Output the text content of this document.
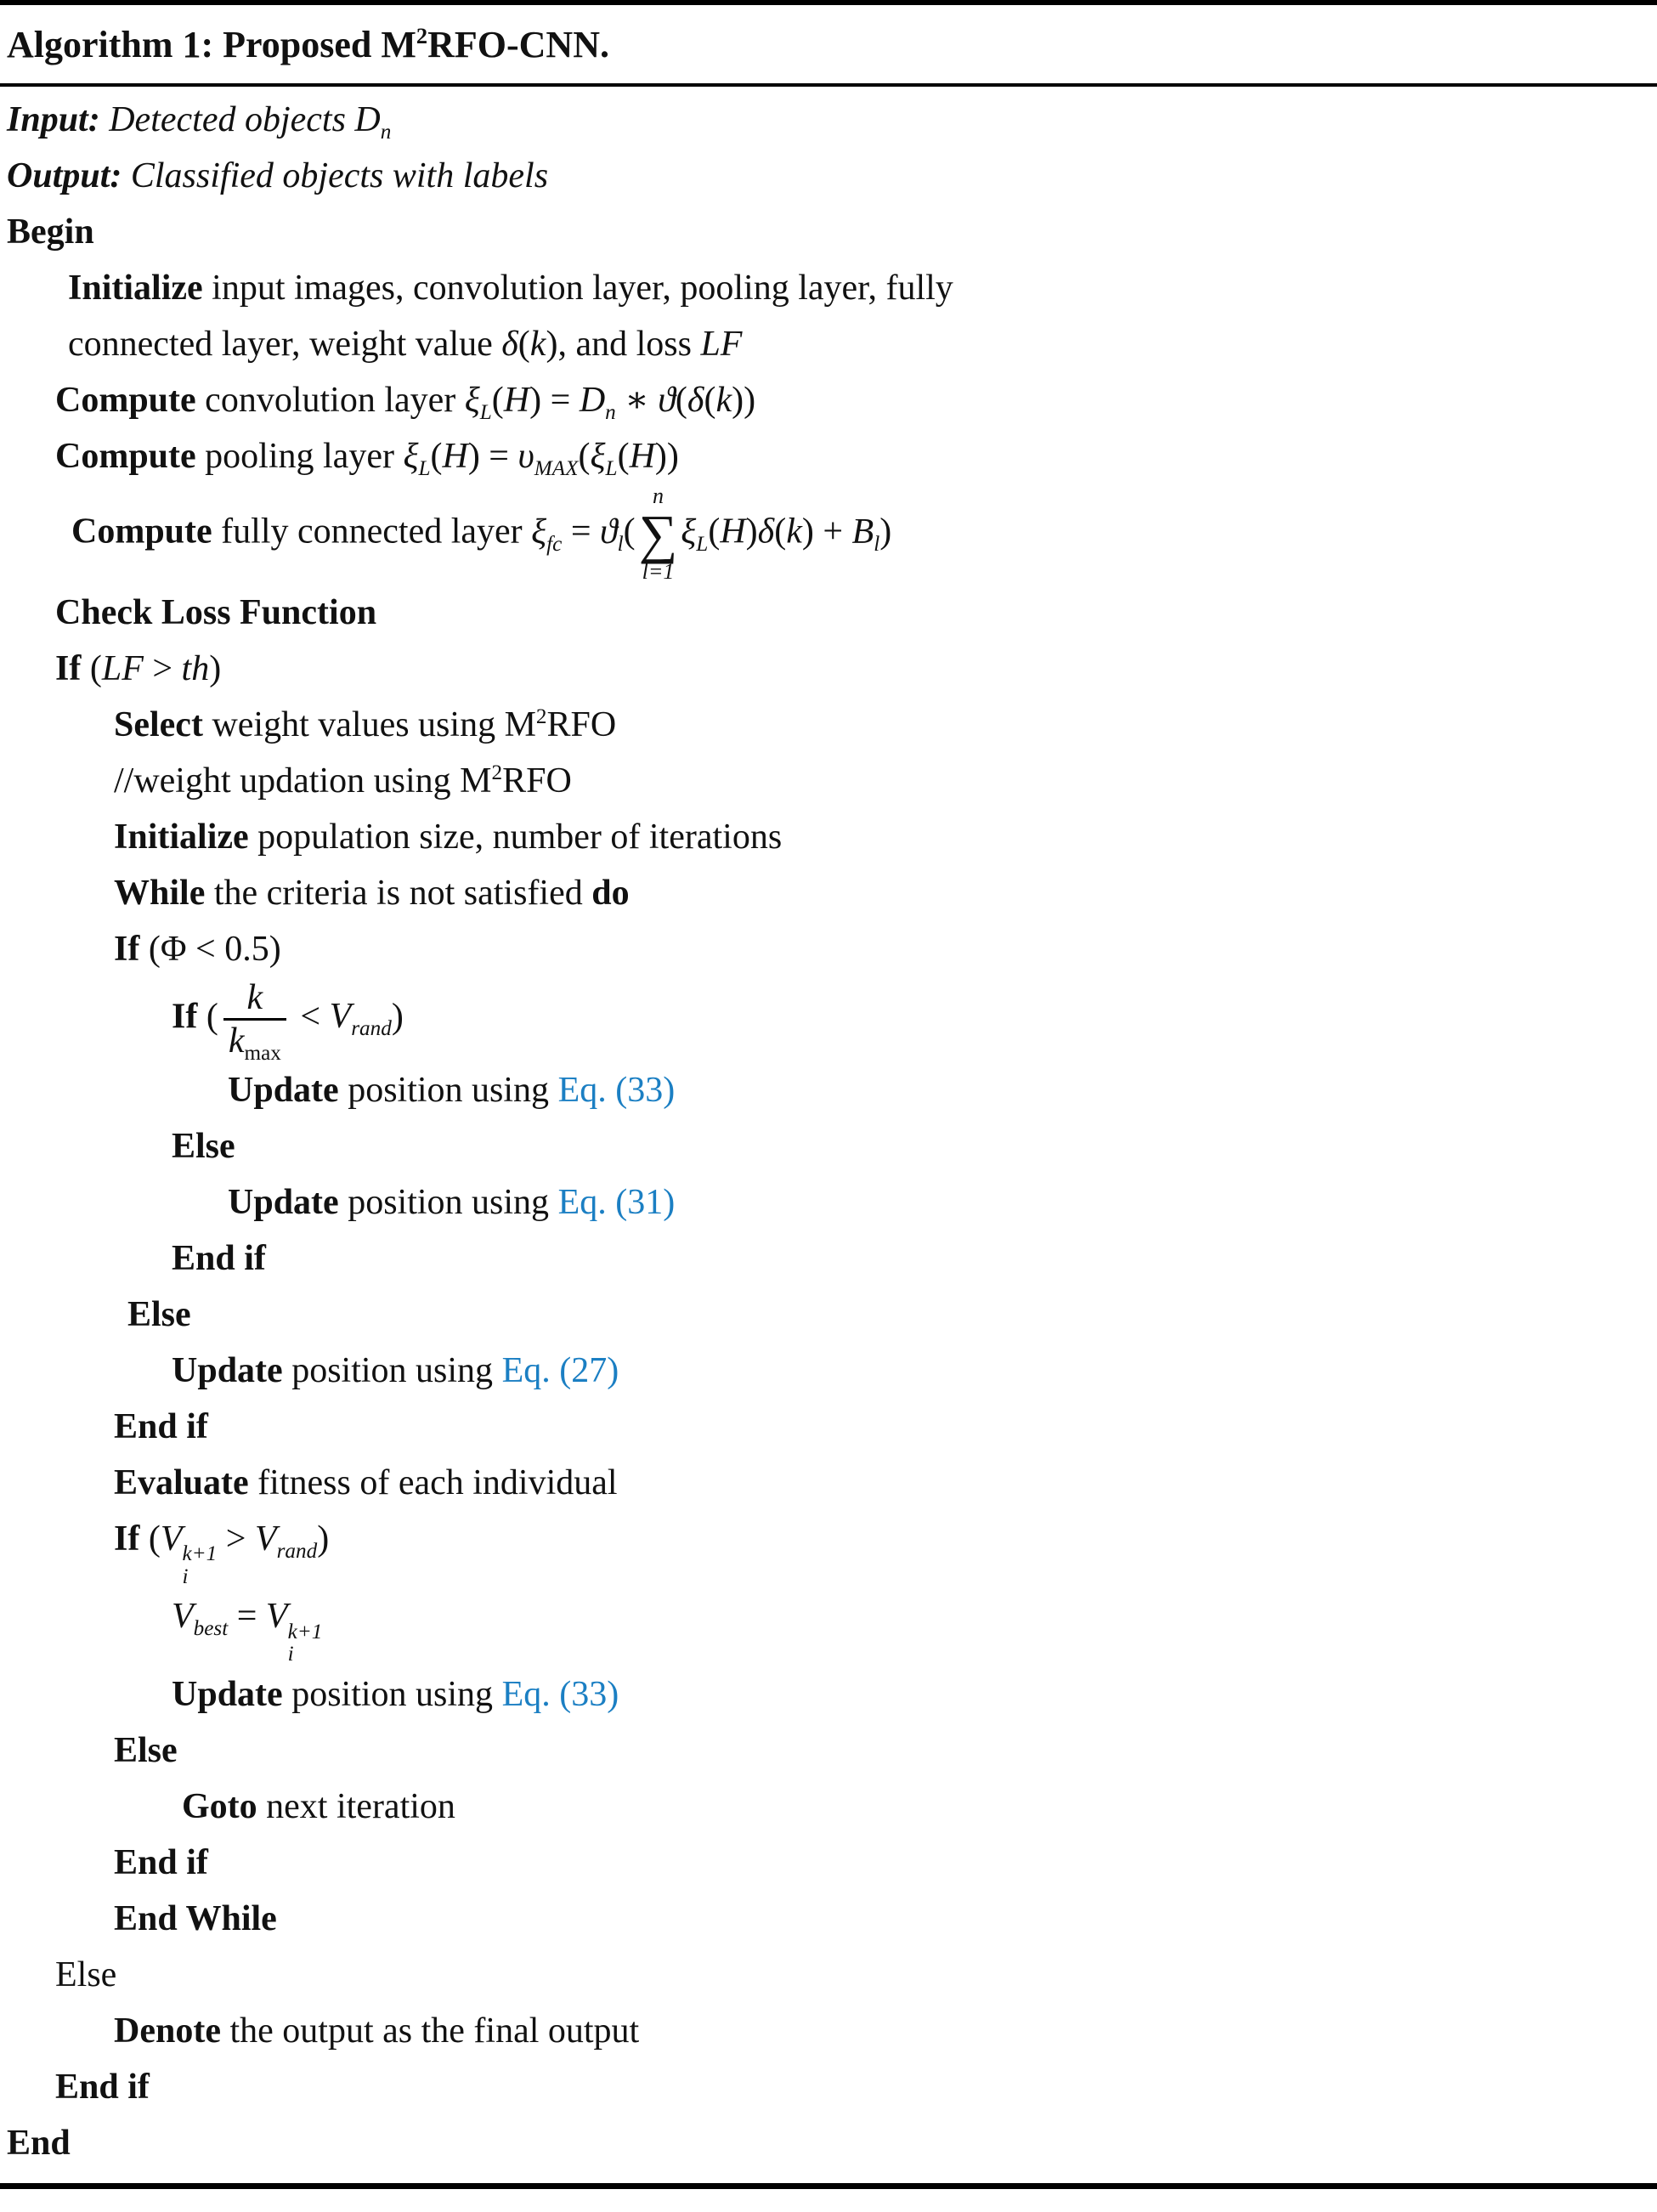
Algorithm 1: Proposed $M^2RFO$-CNN.
Input: Detected objects $D_n$
Output: Classified objects with labels
Begin
Initialize input images, convolution layer, pooling layer, fully
connected layer, weight value δ(k), and loss LF
Compute convolution layer $\xi_L(H) = D_n$ ∗ ϑ(δ(k))
Compute pooling layer $\xi_L(H) = \upsilon_{MAX}(\xi_L(H))$
Compute fully connected layer $\xi_{fc} = ϑ_l$(
n
∑
l=1
$\xi_L(H)\delta(k) + B_l$)
Check Loss Function
If (LF > th)
Select weight values using $M^2RFO$
//weight updation using $M^2RFO$
Initialize population size, number of iterations
While the criteria is not satisfied do
If (Φ < 0.5)
If ( $\frac{k}{k_{max}} < V_{rand}$)
Update position using Eq. (33)
Else
Update position using Eq. (31)
End if
Else
Update position using Eq. (27)
End if
Evaluate fitness of each individual
If (V k+1
i
> $V_{rand}$)
$V_{best} = V$ k+1
i
Update position using Eq. (33)
Else
Goto next iteration
End if
End While
Else
Denote the output as the final output
End if
End
